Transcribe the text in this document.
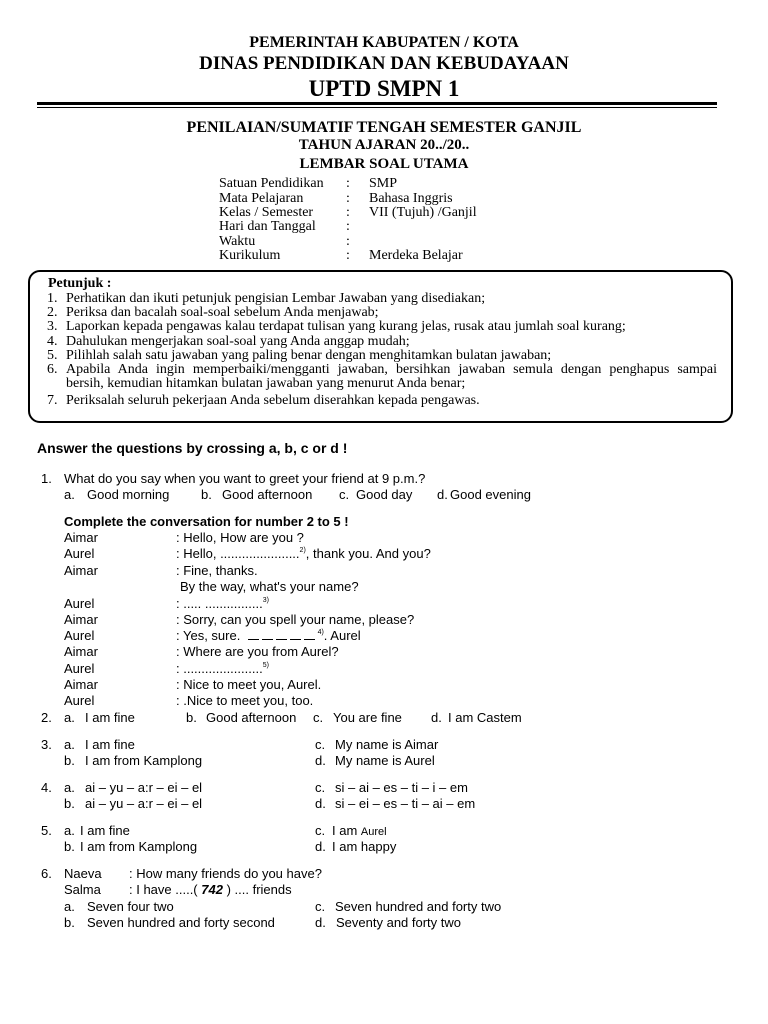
PEMERINTAH KABUPATEN / KOTA
DINAS PENDIDIKAN DAN KEBUDAYAAN
UPTD SMPN 1
PENILAIAN/SUMATIF TENGAH SEMESTER GANJIL
TAHUN AJARAN 20../20..
LEMBAR SOAL UTAMA
Satuan Pendidikan : SMP
Mata Pelajaran	: Bahasa Inggris
Kelas / Semester : VII (Tujuh) /Ganjil
Hari dan Tanggal :
Waktu	:
Kurikulum	: Merdeka Belajar
Petunjuk :
1. Perhatikan dan ikuti petunjuk pengisian Lembar Jawaban yang disediakan;
2. Periksa dan bacalah soal-soal sebelum Anda menjawab;
3. Laporkan kepada pengawas kalau terdapat tulisan yang kurang jelas, rusak atau jumlah soal kurang;
4. Dahulukan mengerjakan soal-soal yang Anda anggap mudah;
5. Pilihlah salah satu jawaban yang paling benar dengan menghitamkan bulatan jawaban;
6. Apabila Anda ingin memperbaiki/mengganti jawaban, bersihkan jawaban semula dengan penghapus sampai
bersih, kemudian hitamkan bulatan jawaban yang menurut Anda benar;
7. Periksalah seluruh pekerjaan Anda sebelum diserahkan kepada pengawas.
Answer the questions by crossing a, b, c or d !
1. What do you say when you want to greet your friend at 9 p.m.?
a. Good morning b. Good afternoon c. Good day d. Good evening
Complete the conversation for number 2 to 5 !
Aimar	: Hello, How are you ?
Aurel	: Hello, ......................$^{2)}$, thank you. And you?
Aimar	: Fine, thanks.
By the way, what's your name?
Aurel	: ..... ................$^{3)}$
Aimar	: Sorry, can you spell your name, please?
Aurel	: Yes, sure.	$^{4)}$. Aurel
Aimar	: Where are you from Aurel?
Aurel	: ......................$^{5)}$
Aimar	: Nice to meet you, Aurel.
Aurel	: .Nice to meet you, too.
2. a. I am fine	b. Good afternoon c. You are fine d. I am Castem
3. a. I am fine
b. I am from Kamplong
c. My name is Aimar
d. My name is Aurel
4. a. ai – yu – a:r – ei – el
b. ai – yu – a:r – ei – el
c. si – ai – es – ti – i – em
d. si – ei – es – ti – ai – em
5. a. I am fine
b. I am from Kamplong
c. I am Aurel
d. I am happy
6. Naeva : How many friends do you have?
Salma : I have .....( 742 ) .... friends
a. Seven four two
b. Seven hundred and forty second
c. Seven hundred and forty two
d. Seventy and forty two
